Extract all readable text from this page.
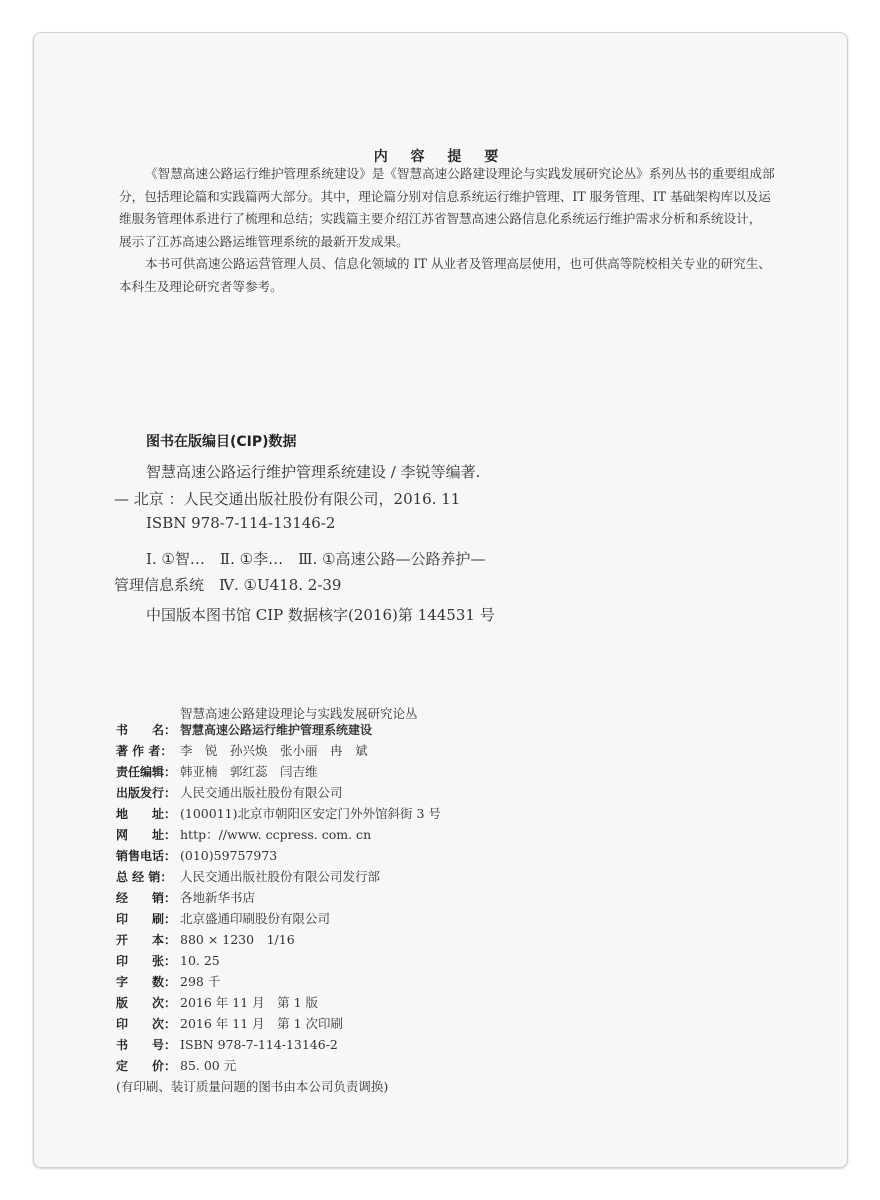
内 容 提 要
《智慧高速公路运行维护管理系统建设》是《智慧高速公路建设理论与实践发展研究论丛》系列丛书的重要组成部
分，包括理论篇和实践篇两大部分。其中，理论篇分别对信息系统运行维护管理、IT 服务管理、IT 基础架构库以及运
维服务管理体系进行了梳理和总结；实践篇主要介绍江苏省智慧高速公路信息化系统运行维护需求分析和系统设计，
展示了江苏高速公路运维管理系统的最新开发成果。
本书可供高速公路运营管理人员、信息化领域的 IT 从业者及管理高层使用，也可供高等院校相关专业的研究生、
本科生及理论研究者等参考。
图书在版编目(CIP)数据
智慧高速公路运行维护管理系统建设 / 李锐等编著.
— 北京 ：人民交通出版社股份有限公司，2016. 11
ISBN 978-7-114-13146-2
Ⅰ. ①智…　Ⅱ. ①李…　Ⅲ. ①高速公路—公路养护—
管理信息系统　Ⅳ. ①U418. 2-39
中国版本图书馆 CIP 数据核字(2016)第 144531 号
智慧高速公路建设理论与实践发展研究论丛
书　　名： 智慧高速公路运行维护管理系统建设
著 作 者： 李　锐　孙兴焕　张小丽　冉　斌
责任编辑： 韩亚楠　郭红蕊　闫吉维
出版发行： 人民交通出版社股份有限公司
地　　址： (100011)北京市朝阳区安定门外外馆斜街 3 号
网　　址： http：//www. ccpress. com. cn
销售电话： (010)59757973
总 经 销： 人民交通出版社股份有限公司发行部
经　　销： 各地新华书店
印　　刷： 北京盛通印刷股份有限公司
开　　本： 880 × 1230　1/16
印　　张： 10. 25
字　　数： 298 千
版　　次： 2016 年 11 月　第 1 版
印　　次： 2016 年 11 月　第 1 次印刷
书　　号： ISBN 978-7-114-13146-2
定　　价： 85. 00 元
(有印刷、装订质量问题的图书由本公司负责调换)
